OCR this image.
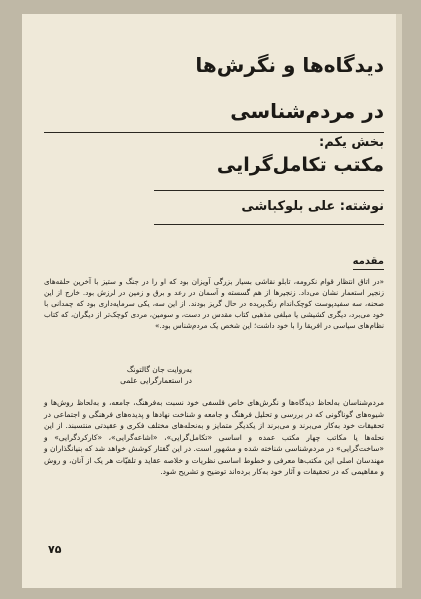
دیدگاه‌ها و نگرش‌ها
در مردم‌شناسی
بخش یکم:
مکتب تکامل‌گرایی
نوشته: علی بلوکباشی
مقدمه
«در اتاق انتظار قوام نکرومه، تابلو نقاشی بسیار بزرگی آویزان بود که او را در جنگ و ستیز با آخرین حلقه‌های زنجیر استعمار نشان می‌داد. زنجیرها از هم گسسته و آسمان در رعد و برق و زمین در لرزش بود. خارج از این صحنه، سه سفیدپوست کوچک‌اندام رنگ‌پریده در حال گریز بودند. از این سه، یکی سرمایه‌داری بود که چمدانی با خود می‌برد، دیگری کشیشی یا مبلغی مذهبی کتاب مقدس در دست، و سومین، مردی کوچک‌تر از دیگران، که کتاب نظام‌های سیاسی در افریقا را با خود داشت؛ این شخص یک مردم‌شناس بود.»
به‌روایت جان گالتونگ
در استعمارگرایی علمی
مردم‌شناسان به‌لحاظ دیدگاه‌ها و نگرش‌های خاص فلسفی خود نسبت به‌فرهنگ، جامعه، و به‌لحاظ روش‌ها و شیوه‌های گوناگونی که در بررسی و تحلیل فرهنگ و جامعه و شناخت نهادها و پدیده‌های فرهنگی و اجتماعی در تحقیقات خود به‌کار می‌برند و می‌برند از یکدیگر متمایز و به‌نحله‌های مختلف فکری و عقیدتی منتسبند. از این نحله‌ها یا مکاتب چهار مکتب عمده و اساسی «تکامل‌گرایی»، «اشاعه‌گرایی»، «کارکردگرایی» و «ساخت‌گرایی» در مردم‌شناسی شناخته شده و مشهور است. در این گفتار کوشش خواهد شد که بنیانگذاران و مهندسان اصلی این مکتب‌ها معرفی و خطوط اساسی نظریات و خلاصه عقاید و تلقیّات هر یک از آنان، و روش و مفاهیمی که در تحقیقات و آثار خود به‌کار برده‌اند توضیح و تشریح شود.
۷۵
